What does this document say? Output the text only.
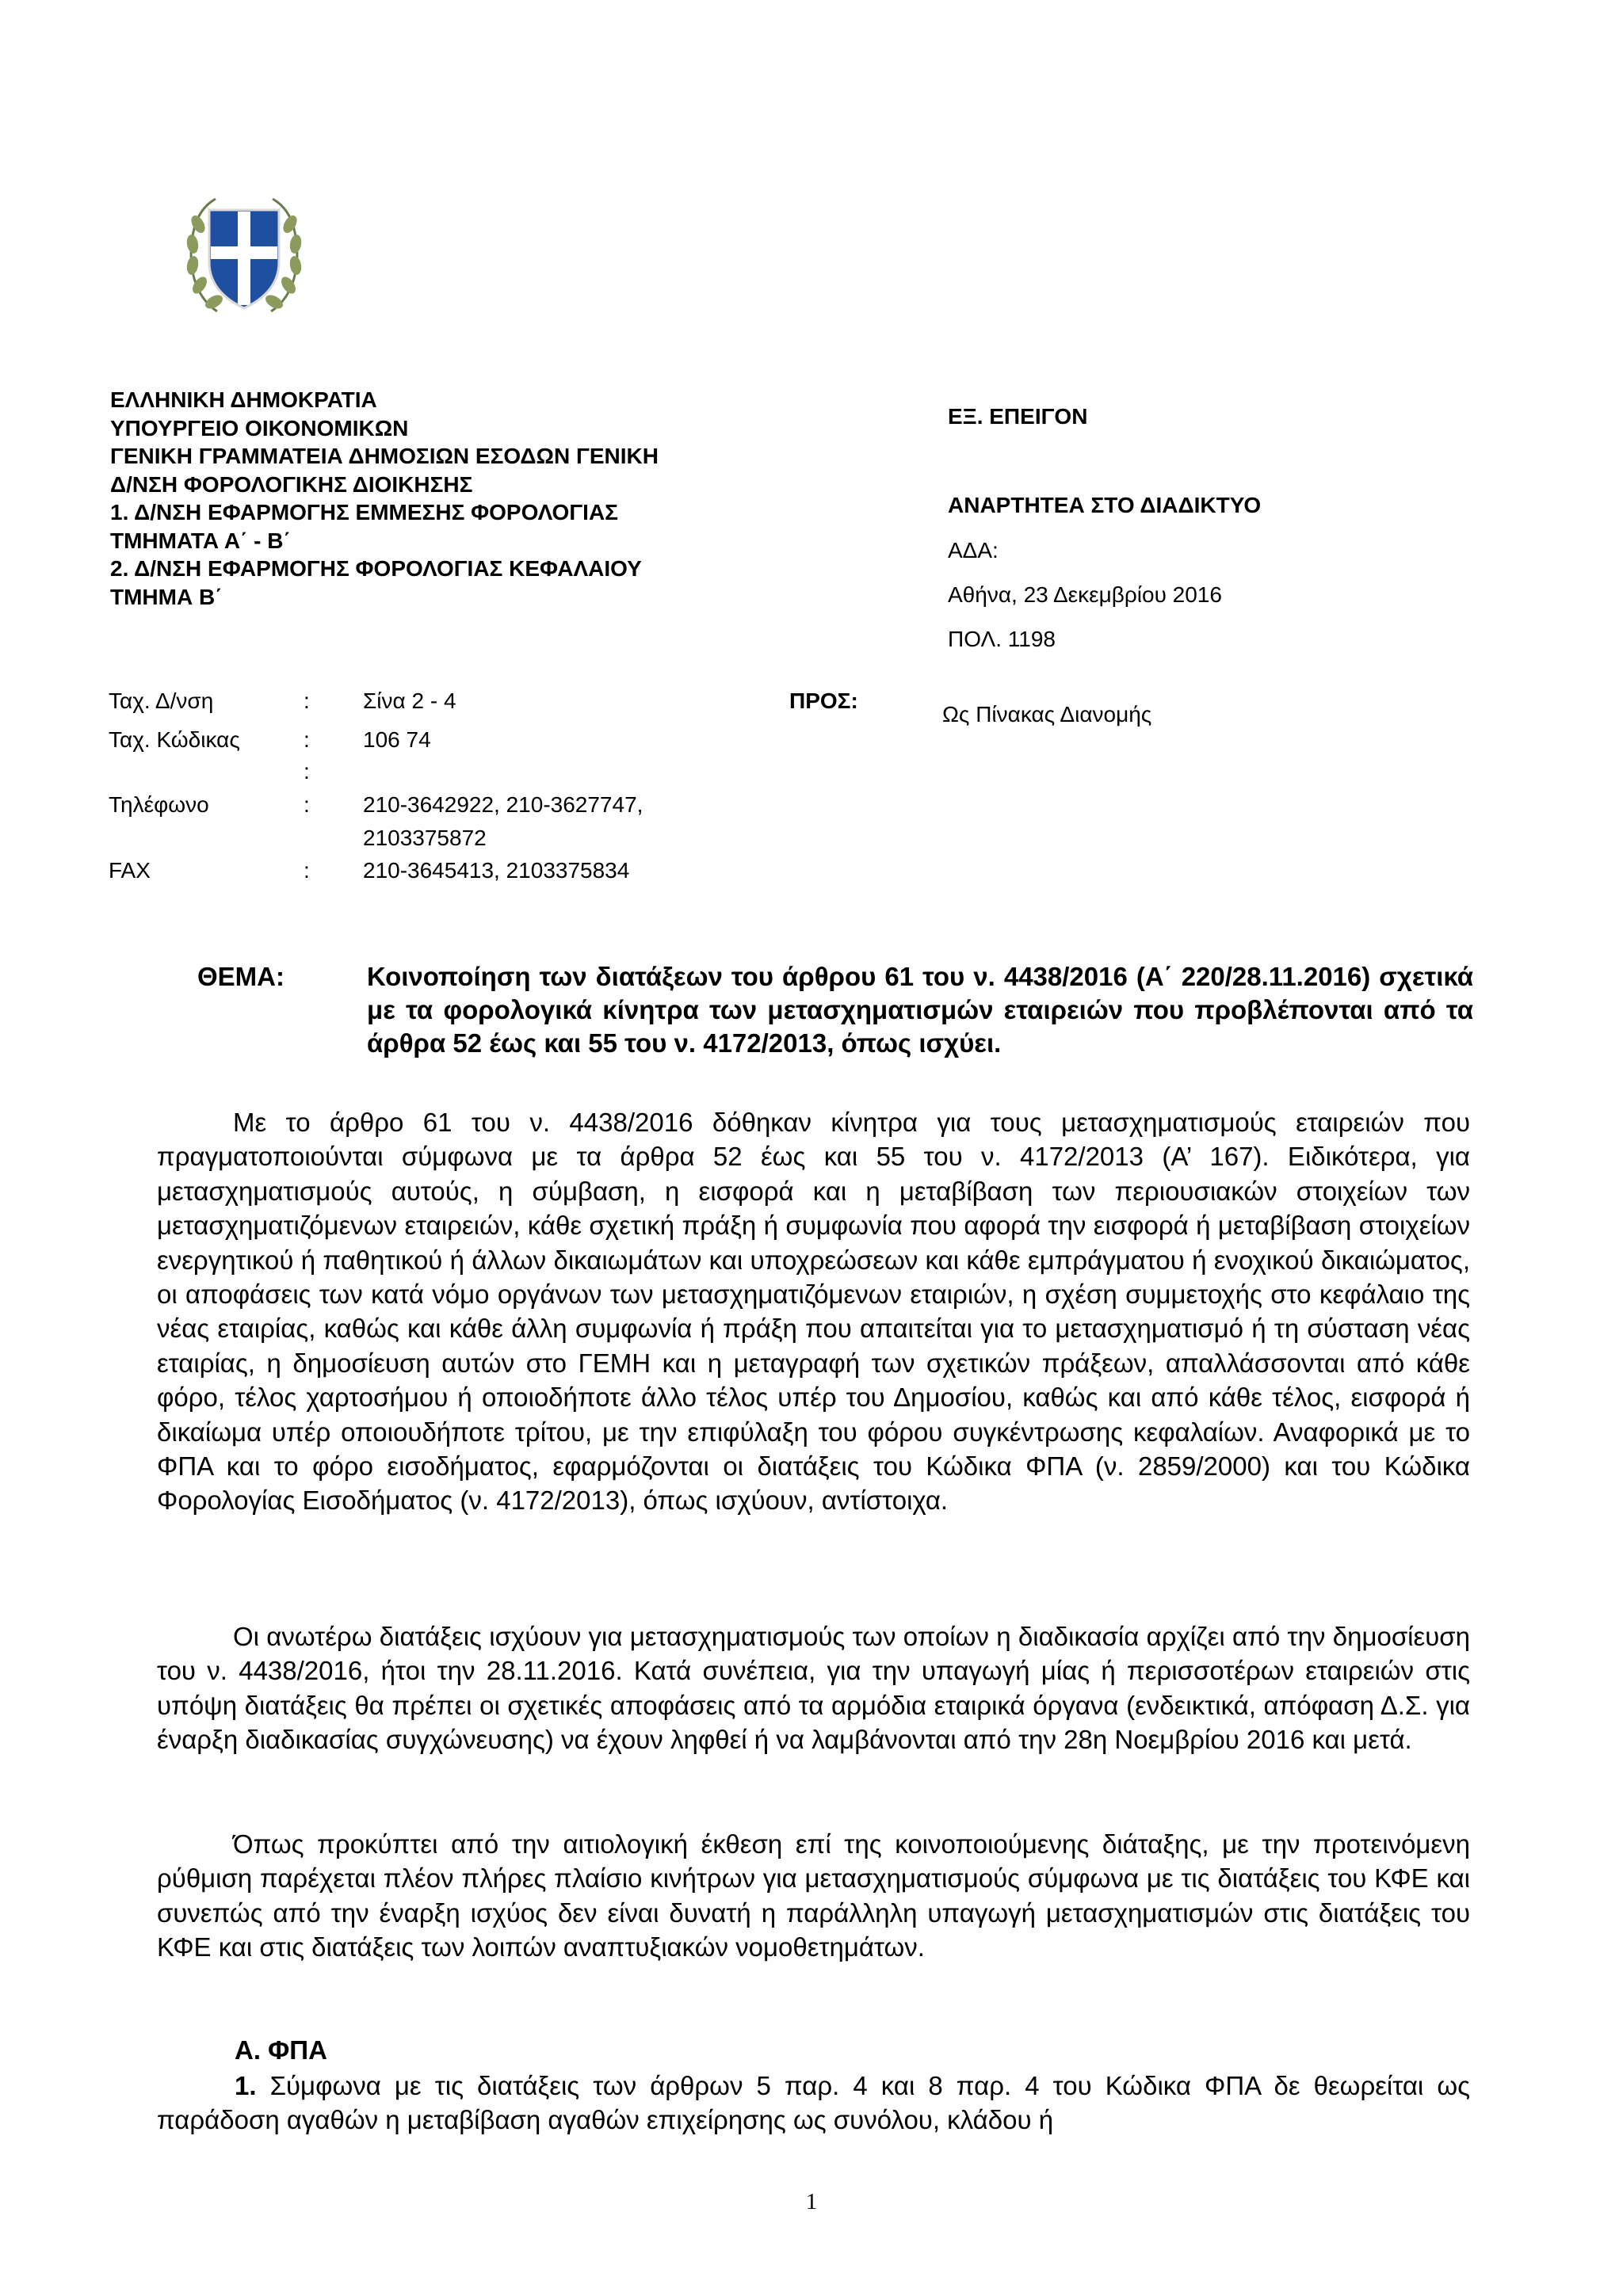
ΕΛΛΗΝΙΚΗ ΔΗΜΟΚΡΑΤΙΑ
ΥΠΟΥΡΓΕΙΟ ΟΙΚΟΝΟΜΙΚΩΝ
ΓΕΝΙΚΗ ΓΡΑΜΜΑΤΕΙΑ ΔΗΜΟΣΙΩΝ ΕΣΟΔΩΝ ΓΕΝΙΚΗ
Δ/ΝΣΗ ΦΟΡΟΛΟΓΙΚΗΣ ΔΙΟΙΚΗΣΗΣ
1. Δ/ΝΣΗ ΕΦΑΡΜΟΓΗΣ ΕΜΜΕΣΗΣ ΦΟΡΟΛΟΓΙΑΣ
ΤΜΗΜΑΤΑ Α΄ - Β΄
2. Δ/ΝΣΗ ΕΦΑΡΜΟΓΗΣ ΦΟΡΟΛΟΓΙΑΣ ΚΕΦΑΛΑΙΟΥ
ΤΜΗΜΑ Β΄
ΕΞ. ΕΠΕΙΓΟΝ
ΑΝΑΡΤΗΤΕΑ ΣΤΟ ΔΙΑΔΙΚΤΥΟ
ΑΔΑ:
Αθήνα, 23 Δεκεμβρίου 2016
ΠΟΛ. 1198
Ταχ. Δ/νση	: Σίνα 2 - 4
Ταχ. Κώδικας	: 106 74
:
Τηλέφωνο	: 210-3642922, 210-3627747,
2103375872
FAX	: 210-3645413, 2103375834
ΠΡΟΣ:
Ως Πίνακας Διανομής
ΘΕΜΑ:	Κοινοποίηση των διατάξεων του άρθρου 61 του ν. 4438/2016 (Α΄ 220/28.11.2016) σχετικά με τα φορολογικά κίνητρα των μετασχηματισμών εταιρειών που προβλέπονται από τα άρθρα 52 έως και 55 του ν. 4172/2013, όπως ισχύει.

Με το άρθρο 61 του ν. 4438/2016 δόθηκαν κίνητρα για τους μετασχηματισμούς εταιρειών που πραγματοποιούνται σύμφωνα με τα άρθρα 52 έως και 55 του ν. 4172/2013 (Α’ 167). Ειδικότερα, για μετασχηματισμούς αυτούς, η σύμβαση, η εισφορά και η μεταβίβαση των περιουσιακών στοιχείων των μετασχηματιζόμενων εταιρειών, κάθε σχετική πράξη ή συμφωνία που αφορά την εισφορά ή μεταβίβαση στοιχείων ενεργητικού ή παθητικού ή άλλων δικαιωμάτων και υποχρεώσεων και κάθε εμπράγματου ή ενοχικού δικαιώματος, οι αποφάσεις των κατά νόμο οργάνων των μετασχηματιζόμενων εταιριών, η σχέση συμμετοχής στο κεφάλαιο της νέας εταιρίας, καθώς και κάθε άλλη συμφωνία ή πράξη που απαιτείται για το μετασχηματισμό ή τη σύσταση νέας εταιρίας, η δημοσίευση αυτών στο ΓΕΜΗ και η μεταγραφή των σχετικών πράξεων, απαλλάσσονται από κάθε φόρο, τέλος χαρτοσήμου ή οποιοδήποτε άλλο τέλος υπέρ του Δημοσίου, καθώς και από κάθε τέλος, εισφορά ή δικαίωμα υπέρ οποιουδήποτε τρίτου, με την επιφύλαξη του φόρου συγκέντρωσης κεφαλαίων. Αναφορικά με το ΦΠΑ και το φόρο εισοδήματος, εφαρμόζονται οι διατάξεις του Κώδικα ΦΠΑ (ν. 2859/2000) και του Κώδικα Φορολογίας Εισοδήματος (ν. 4172/2013), όπως ισχύουν, αντίστοιχα.

Οι ανωτέρω διατάξεις ισχύουν για μετασχηματισμούς των οποίων η διαδικασία αρχίζει από την δημοσίευση του ν. 4438/2016, ήτοι την 28.11.2016. Κατά συνέπεια, για την υπαγωγή μίας ή περισσοτέρων εταιρειών στις υπόψη διατάξεις θα πρέπει οι σχετικές αποφάσεις από τα αρμόδια εταιρικά όργανα (ενδεικτικά, απόφαση Δ.Σ. για έναρξη διαδικασίας συγχώνευσης) να έχουν ληφθεί ή να λαμβάνονται από την 28η Νοεμβρίου 2016 και μετά.

Όπως προκύπτει από την αιτιολογική έκθεση επί της κοινοποιούμενης διάταξης, με την προτεινόμενη ρύθμιση παρέχεται πλέον πλήρες πλαίσιο κινήτρων για μετασχηματισμούς σύμφωνα με τις διατάξεις του ΚΦΕ και συνεπώς από την έναρξη ισχύος δεν είναι δυνατή η παράλληλη υπαγωγή μετασχηματισμών στις διατάξεις του ΚΦΕ και στις διατάξεις των λοιπών αναπτυξιακών νομοθετημάτων.

Α. ΦΠΑ

1. Σύμφωνα με τις διατάξεις των άρθρων 5 παρ. 4 και 8 παρ. 4 του Κώδικα ΦΠΑ δε θεωρείται ως παράδοση αγαθών η μεταβίβαση αγαθών επιχείρησης ως συνόλου, κλάδου ή

1
